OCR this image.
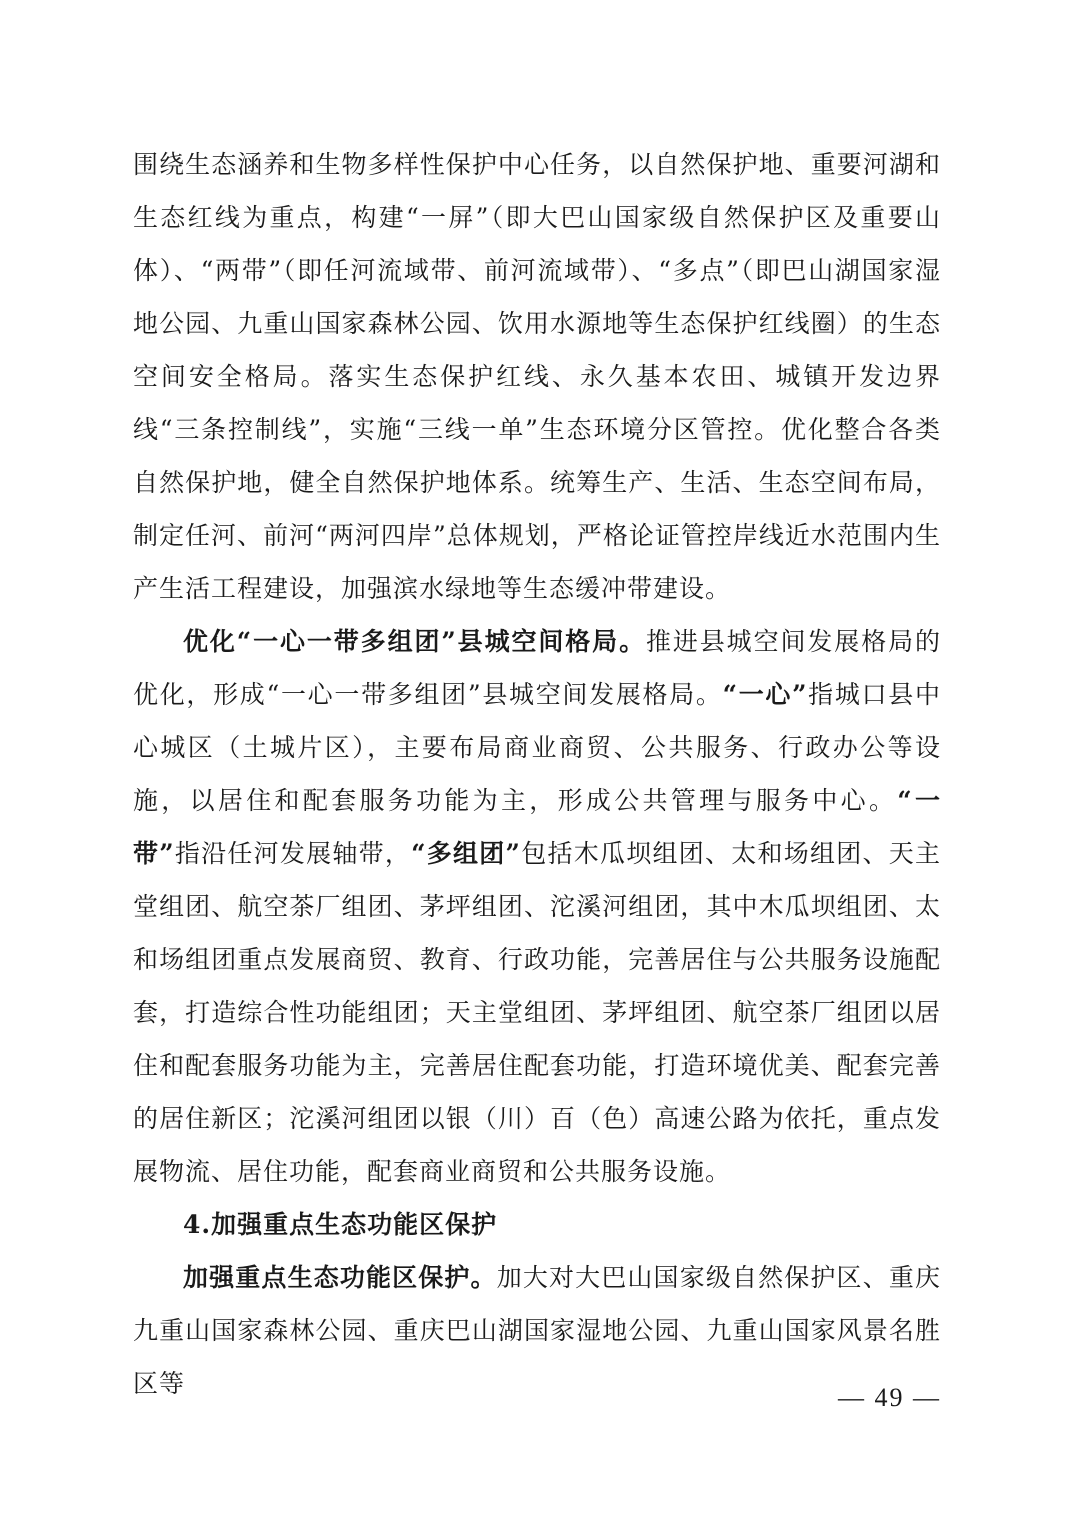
围绕生态涵养和生物多样性保护中心任务，以自然保护地、重要河湖和生态红线为重点，构建“一屏”（即大巴山国家级自然保护区及重要山体）、“两带”（即任河流域带、前河流域带）、“多点”（即巴山湖国家湿地公园、九重山国家森林公园、饮用水源地等生态保护红线圈）的生态空间安全格局。落实生态保护红线、永久基本农田、城镇开发边界线“三条控制线”，实施“三线一单”生态环境分区管控。优化整合各类自然保护地，健全自然保护地体系。统筹生产、生活、生态空间布局，制定任河、前河“两河四岸”总体规划，严格论证管控岸线近水范围内生产生活工程建设，加强滨水绿地等生态缓冲带建设。

优化“一心一带多组团”县城空间格局。推进县城空间发展格局的优化，形成“一心一带多组团”县城空间发展格局。“一心”指城口县中心城区（土城片区），主要布局商业商贸、公共服务、行政办公等设施，以居住和配套服务功能为主，形成公共管理与服务中心。“一带”指沿任河发展轴带，“多组团”包括木瓜坝组团、太和场组团、天主堂组团、航空茶厂组团、茅坪组团、沱溪河组团，其中木瓜坝组团、太和场组团重点发展商贸、教育、行政功能，完善居住与公共服务设施配套，打造综合性功能组团；天主堂组团、茅坪组团、航空茶厂组团以居住和配套服务功能为主，完善居住配套功能，打造环境优美、配套完善的居住新区；沱溪河组团以银（川）百（色）高速公路为依托，重点发展物流、居住功能，配套商业商贸和公共服务设施。

4.加强重点生态功能区保护

加强重点生态功能区保护。加大对大巴山国家级自然保护区、重庆九重山国家森林公园、重庆巴山湖国家湿地公园、九重山国家风景名胜区等	— 49 —
